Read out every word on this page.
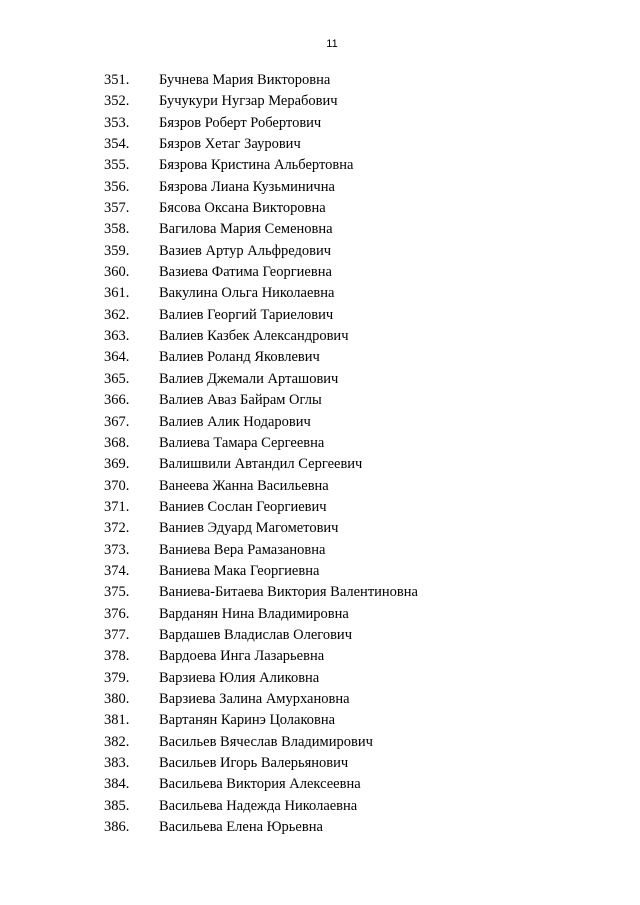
11
351. Бучнева Мария Викторовна
352. Бучукури Нугзар Мерабович
353. Бязров Роберт Робертович
354. Бязров Хетаг Заурович
355. Бязрова Кристина Альбертовна
356. Бязрова Лиана Кузьминична
357. Бясова Оксана Викторовна
358. Вагилова Мария Семеновна
359. Вазиев Артур Альфредович
360. Вазиева Фатима Георгиевна
361. Вакулина Ольга Николаевна
362. Валиев Георгий Тариелович
363. Валиев Казбек Александрович
364. Валиев Роланд Яковлевич
365. Валиев Джемали Арташович
366. Валиев Аваз Байрам Оглы
367. Валиев Алик Нодарович
368. Валиева Тамара Сергеевна
369. Валишвили Автандил Сергеевич
370. Ванеева Жанна Васильевна
371. Ваниев Сослан Георгиевич
372. Ваниев Эдуард Магометович
373. Ваниева Вера Рамазановна
374. Ваниева Мака Георгиевна
375. Ваниева-Битаева Виктория Валентиновна
376. Варданян Нина Владимировна
377. Вардашев Владислав Олегович
378. Вардоева Инга Лазарьевна
379. Варзиева Юлия Аликовна
380. Варзиева Залина Амурхановна
381. Вартанян Каринэ Цолаковна
382. Васильев Вячеслав Владимирович
383. Васильев Игорь Валерьянович
384. Васильева Виктория Алексеевна
385. Васильева Надежда Николаевна
386. Васильева Елена Юрьевна
